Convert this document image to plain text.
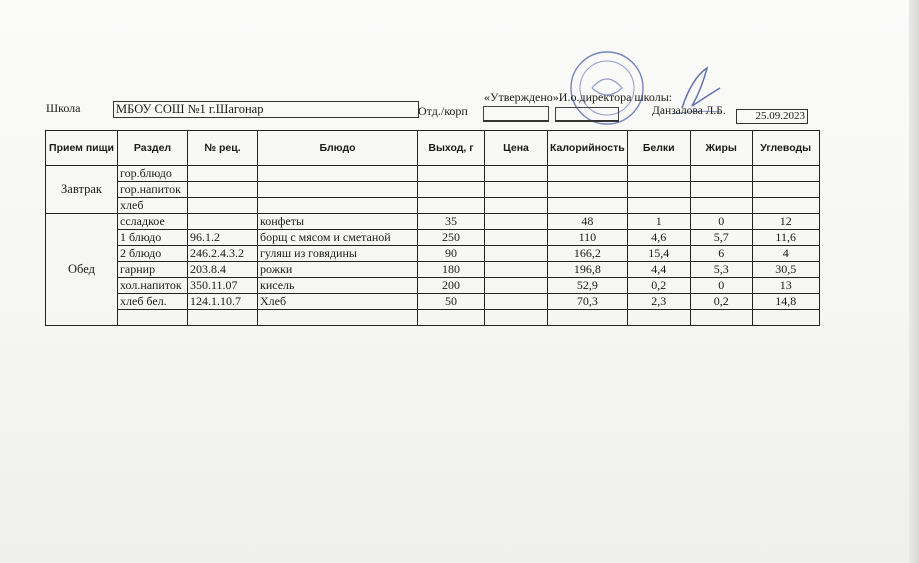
Школа	МБОУ СОШ №1 г.Шагонар	Отд./корп
«Утверждено»И.о.директора школы:
Данзалова Л.Б.	25.09.2023
Прием пищи	Раздел	№ рец.	Блюдо	Выход, г	Цена	Калорийность	Белки	Жиры	Углеводы
Завтрак	гор.блюдо								
	гор.напиток								
	хлеб								
Обед	ссладкое		конфеты	35		48	1	0	12
	1 блюдо	96.1.2	борщ с мясом и сметаной	250		110	4,6	5,7	11,6
	2 блюдо	246.2.4.3.2	гуляш из говядины	90		166,2	15,4	6	4
	гарнир	203.8.4	рожки	180		196,8	4,4	5,3	30,5
	хол.напиток	350.11.07	кисель	200		52,9	0,2	0	13
	хлеб бел.	124.1.10.7	Хлеб	50		70,3	2,3	0,2	14,8
